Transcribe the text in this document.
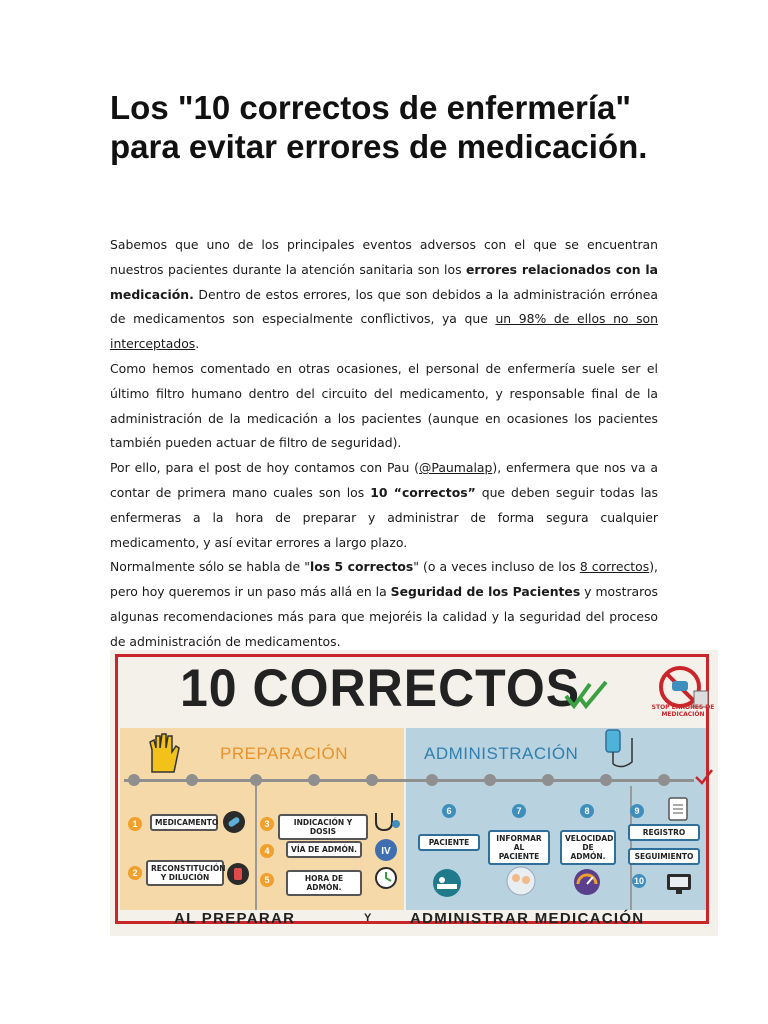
Los "10 correctos de enfermería" para evitar errores de medicación.

Sabemos que uno de los principales eventos adversos con el que se encuentran nuestros pacientes durante la atención sanitaria son los errores relacionados con la medicación. Dentro de estos errores, los que son debidos a la administración errónea de medicamentos son especialmente conflictivos, ya que un 98% de ellos no son interceptados.

Como hemos comentado en otras ocasiones, el personal de enfermería suele ser el último filtro humano dentro del circuito del medicamento, y responsable final de la administración de la medicación a los pacientes (aunque en ocasiones los pacientes también pueden actuar de filtro de seguridad).

Por ello, para el post de hoy contamos con Pau (@Paumalap), enfermera que nos va a contar de primera mano cuales son los 10 “correctos” que deben seguir todas las enfermeras a la hora de preparar y administrar de forma segura cualquier medicamento, y así evitar errores a largo plazo.

Normalmente sólo se habla de "los 5 correctos" (o a veces incluso de los 8 correctos), pero hoy queremos ir un paso más allá en la Seguridad de los Pacientes y mostraros algunas recomendaciones más para que mejoréis la calidad y la seguridad del proceso de administración de medicamentos.

10 CORRECTOS	STOP ERRORES DE MEDICACIÓN
PREPARACIÓN	ADMINISTRACIÓN
1	MEDICAMENTO
2	RECONSTITUCIÓN Y DILUCIÓN
3	INDICACIÓN Y DOSIS
4	VÍA DE ADMÓN.	IV
5	HORA DE ADMÓN.
6
PACIENTE
7
INFORMAR AL PACIENTE
8
VELOCIDAD DE ADMÓN.
9
REGISTRO
SEGUIMIENTO
10
AL PREPARAR	Y	ADMINISTRAR MEDICACIÓN
